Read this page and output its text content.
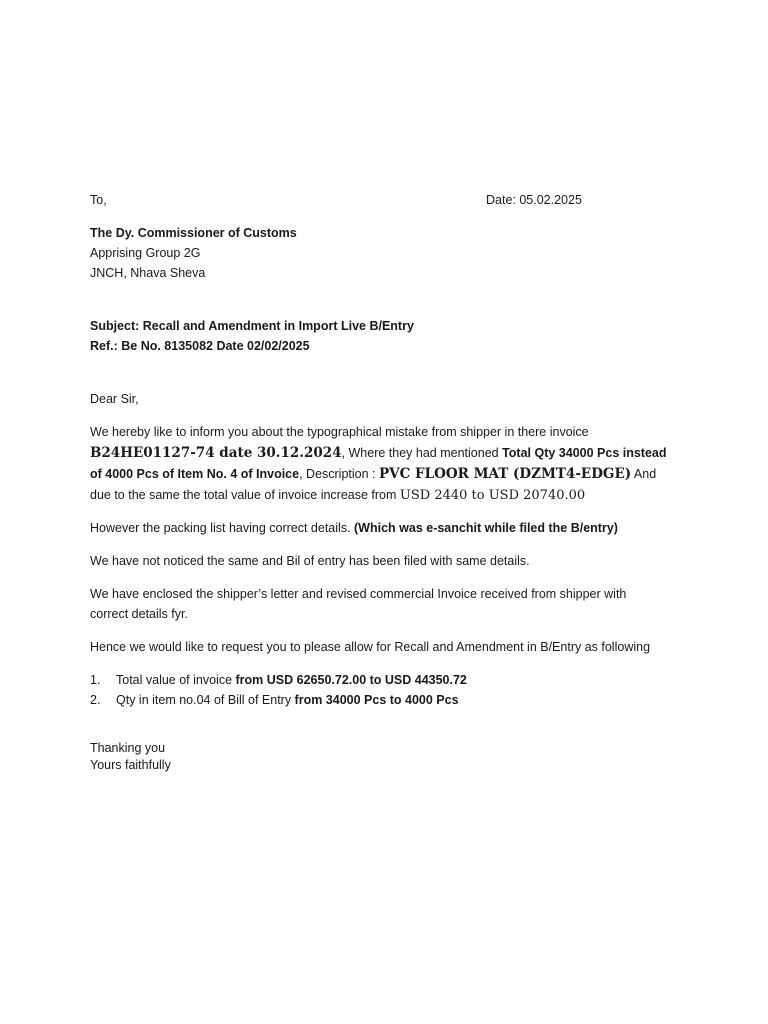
To,	Date: 05.02.2025
The Dy. Commissioner of Customs
Apprising Group 2G
JNCH, Nhava Sheva
Subject: Recall and Amendment in Import Live B/Entry
Ref.: Be No. 8135082 Date 02/02/2025
Dear Sir,
We hereby like to inform you about the typographical mistake from shipper in there invoice B24HE01127-74 date 30.12.2024, Where they had mentioned Total Qty 34000 Pcs instead of 4000 Pcs of Item No. 4 of Invoice, Description : PVC FLOOR MAT (DZMT4-EDGE) And due to the same the total value of invoice increase from USD 2440 to USD 20740.00
However the packing list having correct details. (Which was e-sanchit while filed the B/entry)
We have not noticed the same and Bil of entry has been filed with same details.
We have enclosed the shipper’s letter and revised commercial Invoice received from shipper with correct details fyr.
Hence we would like to request you to please allow for Recall and Amendment in B/Entry as following
1. Total value of invoice from USD 62650.72.00 to USD 44350.72
2. Qty in item no.04 of Bill of Entry from 34000 Pcs to 4000 Pcs
Thanking you
Yours faithfully
